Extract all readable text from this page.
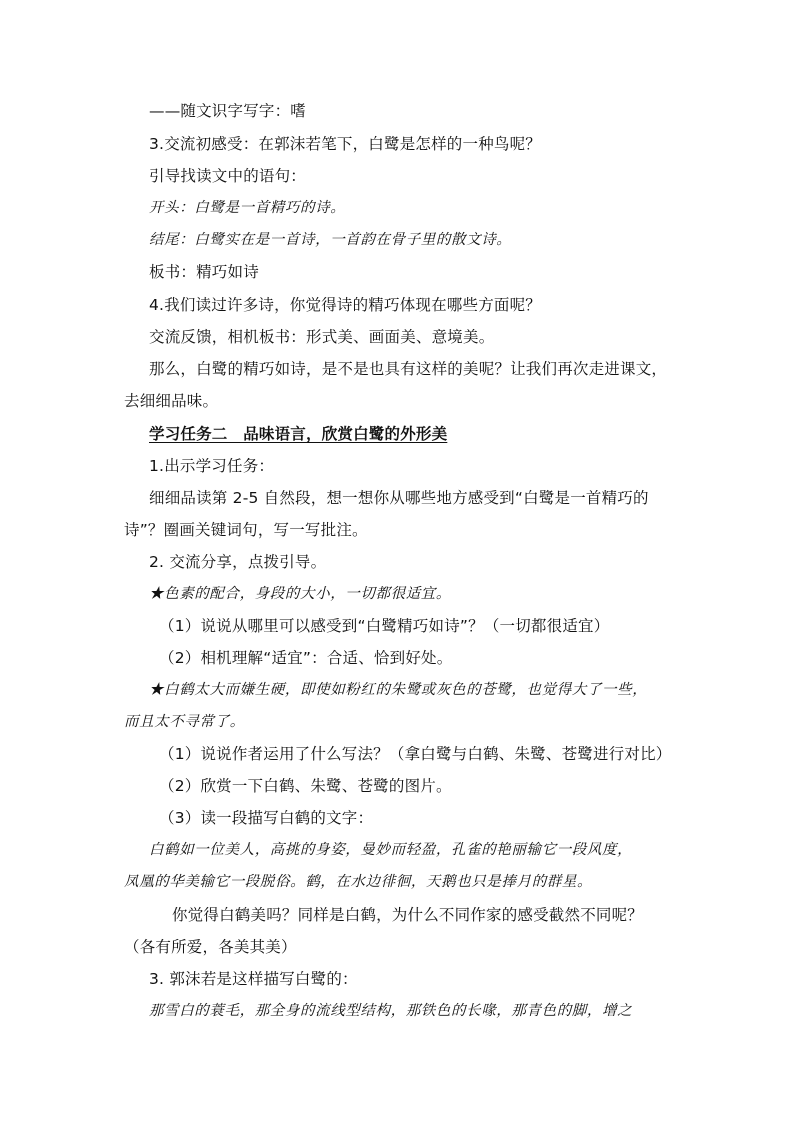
——随文识字写字：嗜
3.交流初感受：在郭沫若笔下，白鹭是怎样的一种鸟呢？
引导找读文中的语句：
开头：白鹭是一首精巧的诗。
结尾：白鹭实在是一首诗，一首韵在骨子里的散文诗。
板书：精巧如诗
4.我们读过许多诗，你觉得诗的精巧体现在哪些方面呢？
交流反馈，相机板书：形式美、画面美、意境美。
那么，白鹭的精巧如诗，是不是也具有这样的美呢？让我们再次走进课文，
去细细品味。
学习任务二　品味语言，欣赏白鹭的外形美
1.出示学习任务：
细细品读第 2-5 自然段，想一想你从哪些地方感受到“白鹭是一首精巧的
诗”？圈画关键词句，写一写批注。
2. 交流分享，点拨引导。
★色素的配合，身段的大小，一切都很适宜。
（1）说说从哪里可以感受到“白鹭精巧如诗”？（一切都很适宜）
（2）相机理解“适宜”：合适、恰到好处。
★白鹤太大而嫌生硬，即使如粉红的朱鹭或灰色的苍鹭，也觉得大了一些，
而且太不寻常了。
（1）说说作者运用了什么写法？（拿白鹭与白鹤、朱鹭、苍鹭进行对比）
（2）欣赏一下白鹤、朱鹭、苍鹭的图片。
（3）读一段描写白鹤的文字：
白鹤如一位美人，高挑的身姿，曼妙而轻盈，孔雀的艳丽输它一段风度，
凤凰的华美输它一段脱俗。鹤，在水边徘徊，天鹅也只是捧月的群星。
你觉得白鹤美吗？同样是白鹤，为什么不同作家的感受截然不同呢？
（各有所爱，各美其美）
3. 郭沫若是这样描写白鹭的：
那雪白的蓑毛，那全身的流线型结构，那铁色的长喙，那青色的脚，增之
